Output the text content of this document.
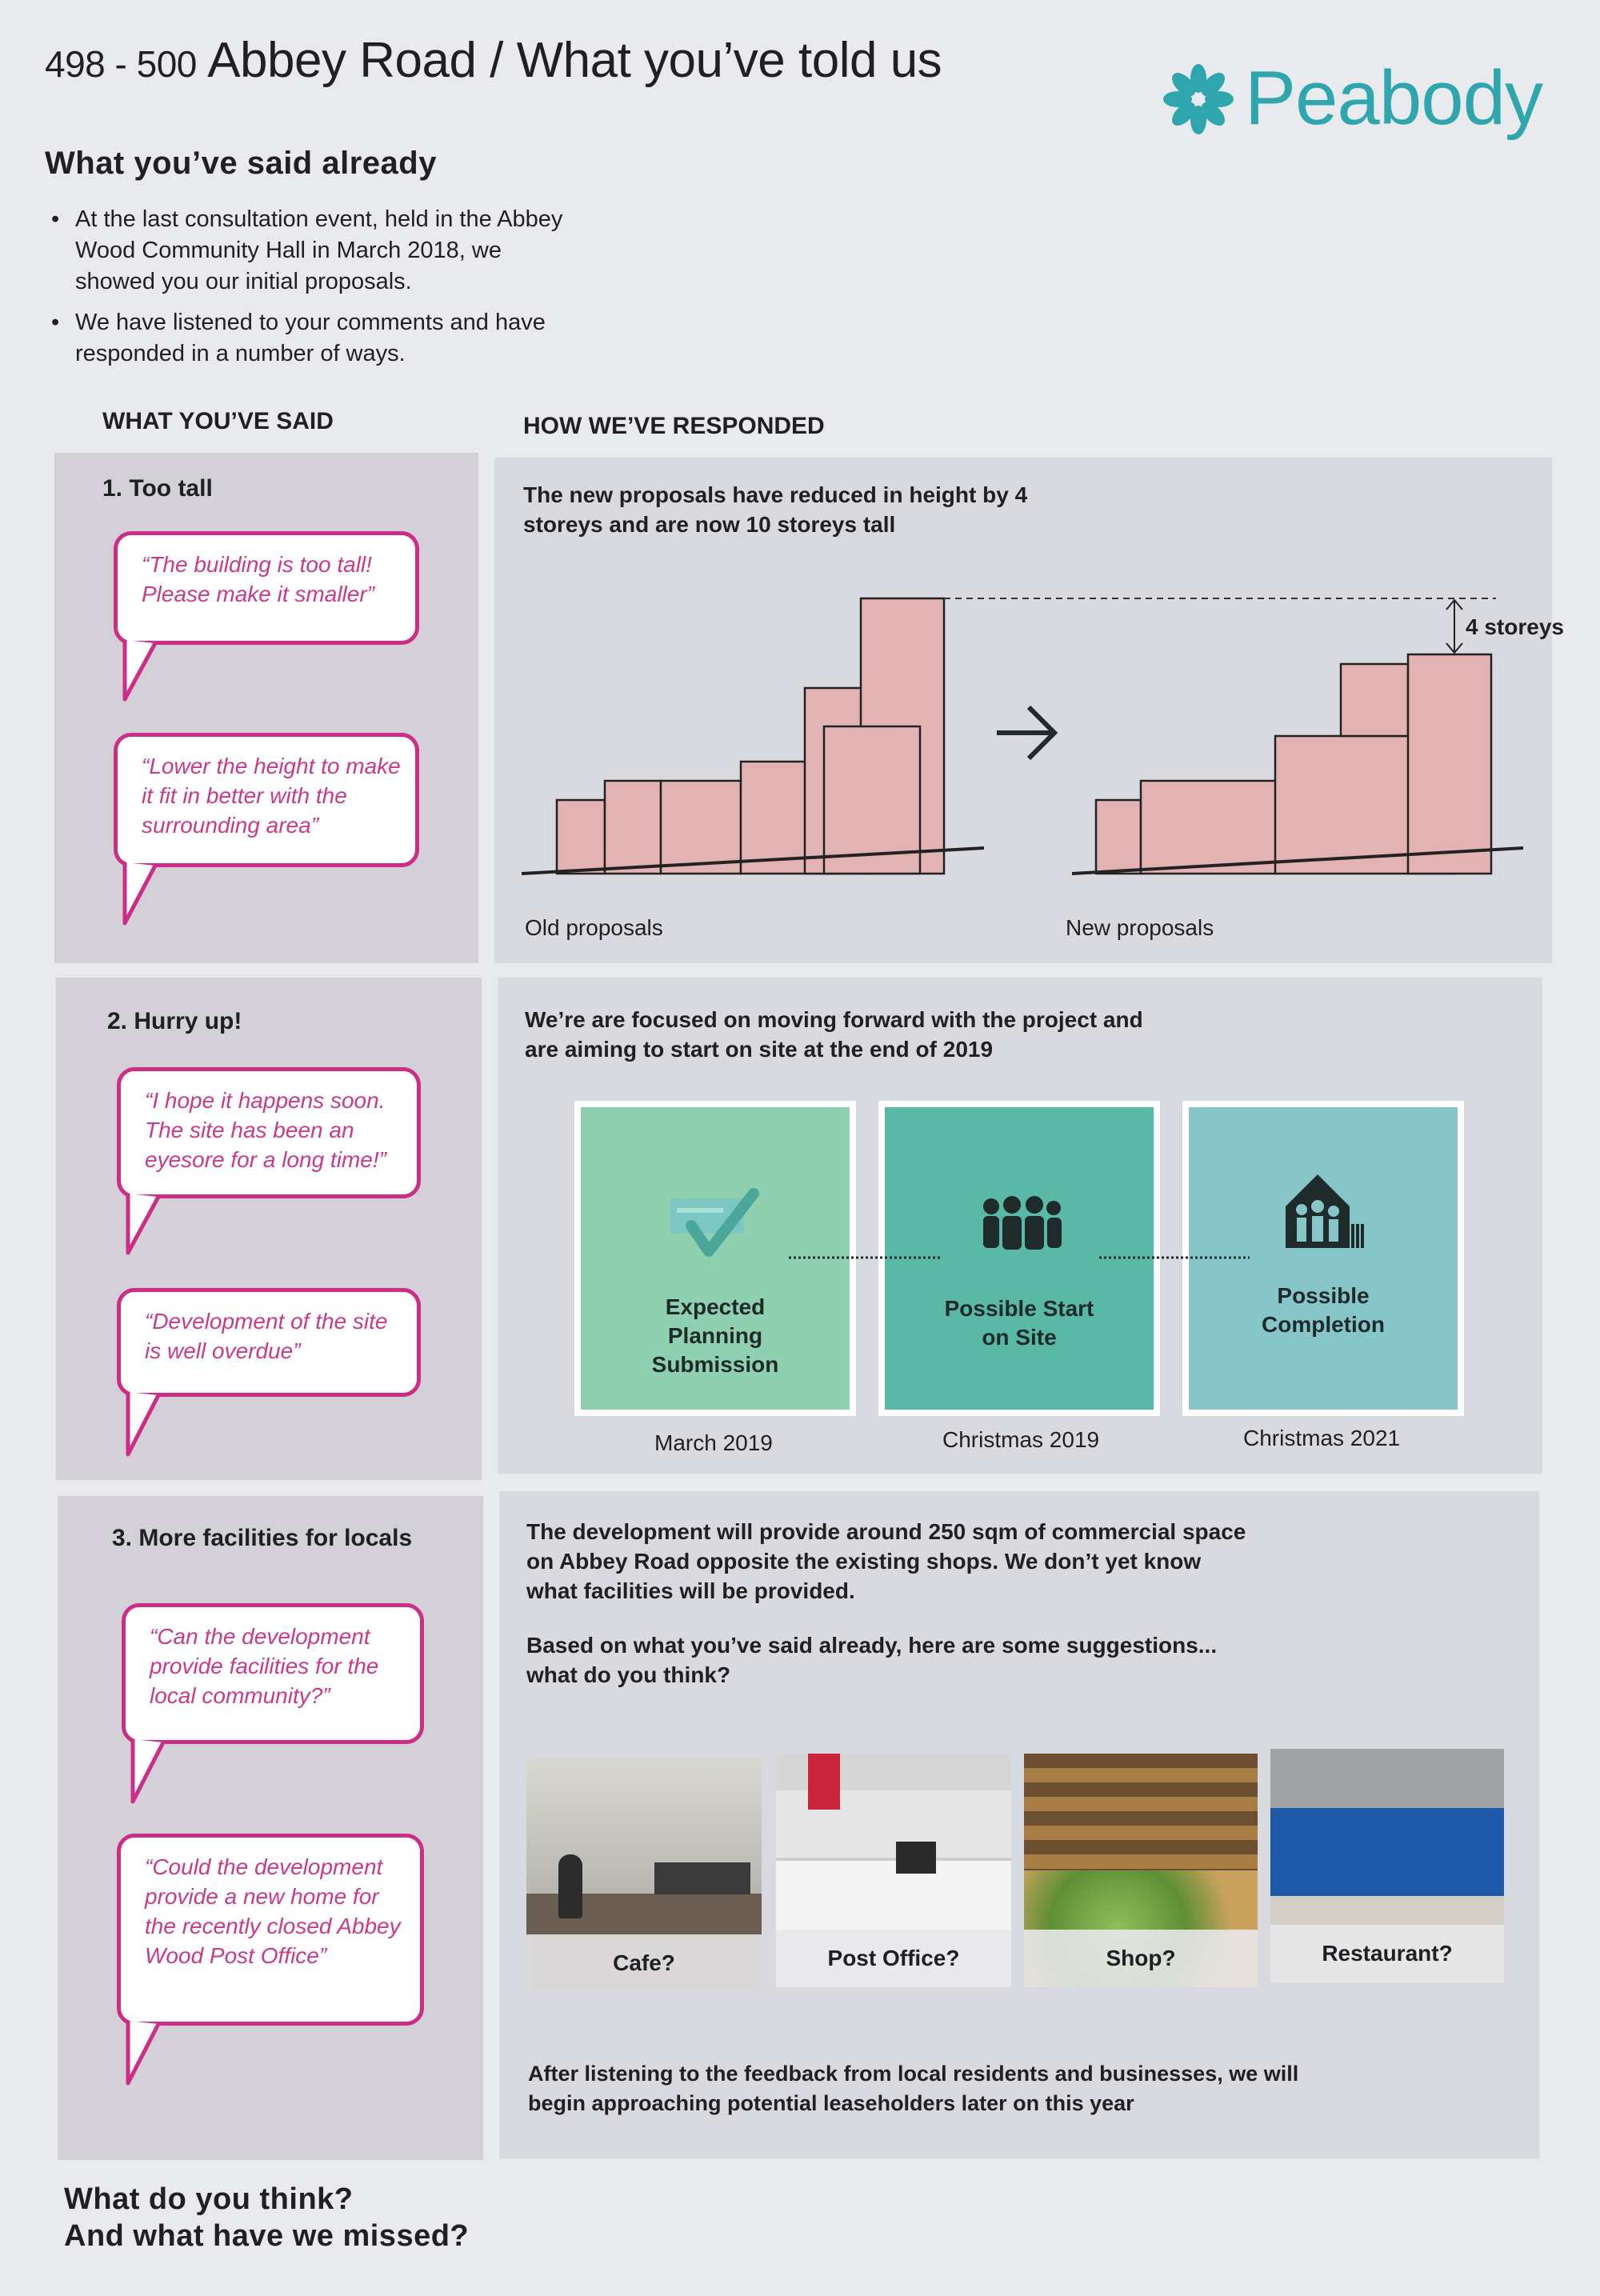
498 - 500 Abbey Road / What you’ve told us	Peabody
What you’ve said already
• At the last consultation event, held in the Abbey Wood Community Hall in March 2018, we showed you our initial proposals.
• We have listened to your comments and have responded in a number of ways.
WHAT YOU’VE SAID	HOW WE’VE RESPONDED
1. Too tall
“The building is too tall! Please make it smaller”
“Lower the height to make it fit in better with the surrounding area”
The new proposals have reduced in height by 4 storeys and are now 10 storeys tall
4 storeys
Old proposals	New proposals
2. Hurry up!
“I hope it happens soon. The site has been an eyesore for a long time!”
“Development of the site is well overdue”
We’re are focused on moving forward with the project and are aiming to start on site at the end of 2019
Expected Planning Submission
Possible Start on Site
Possible Completion
March 2019	Christmas 2019	Christmas 2021
3. More facilities for locals
“Can the development provide facilities for the local community?”
“Could the development provide a new home for the recently closed Abbey Wood Post Office”
The development will provide around 250 sqm of commercial space on Abbey Road opposite the existing shops. We don’t yet know what facilities will be provided.
Based on what you’ve said already, here are some suggestions... what do you think?
Cafe?	Post Office?	Shop?	Restaurant?
After listening to the feedback from local residents and businesses, we will begin approaching potential leaseholders later on this year
What do you think?
And what have we missed?
